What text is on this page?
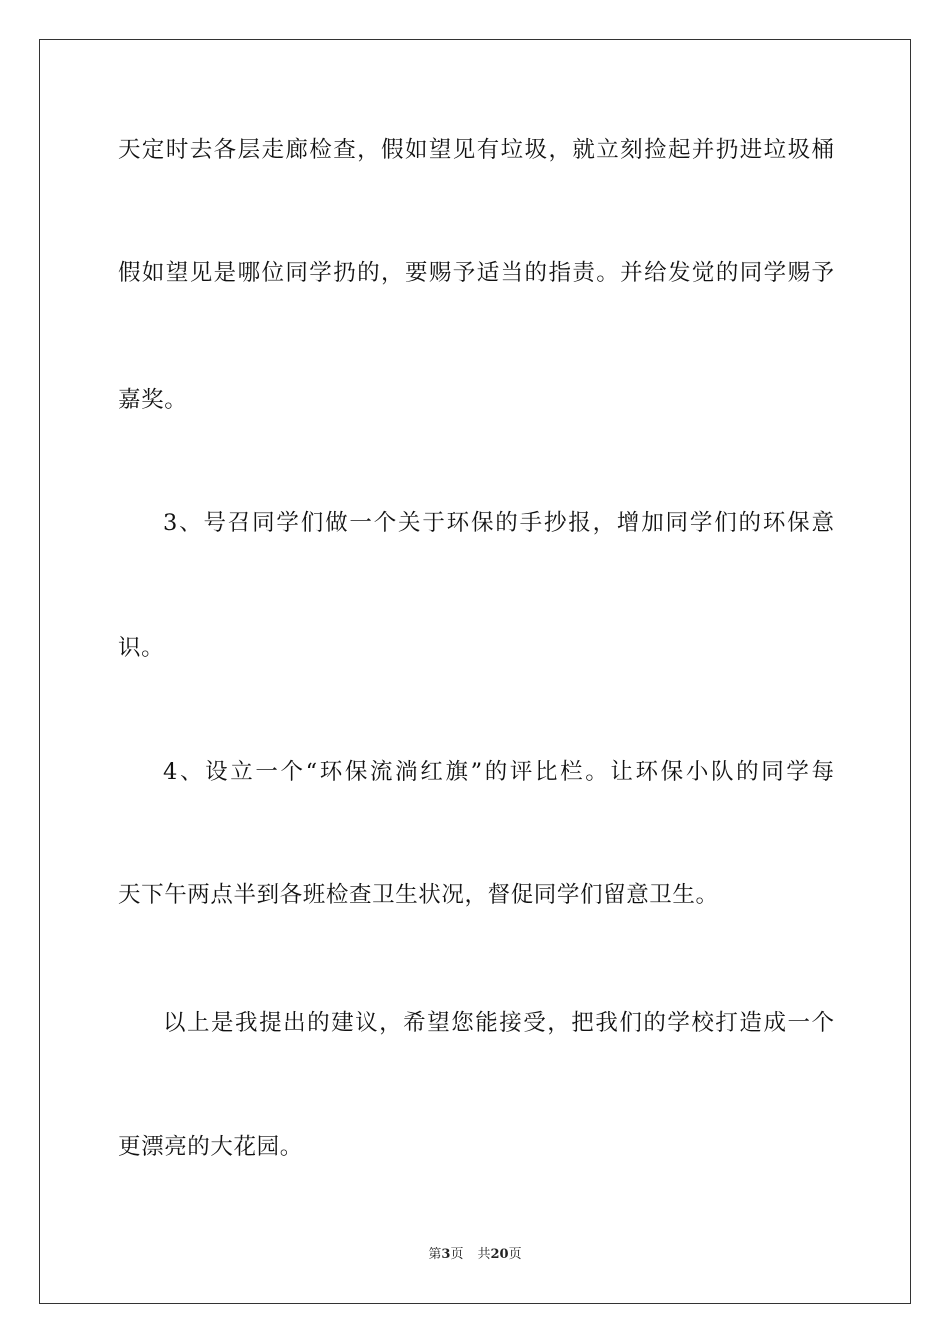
天定时去各层走廊检查，假如望见有垃圾，就立刻捡起并扔进垃圾桶
假如望见是哪位同学扔的，要赐予适当的指责。并给发觉的同学赐予
嘉奖。
3、号召同学们做一个关于环保的手抄报，增加同学们的环保意
识。
4、设立一个“环保流淌红旗”的评比栏。让环保小队的同学每
天下午两点半到各班检查卫生状况，督促同学们留意卫生。
以上是我提出的建议，希望您能接受，把我们的学校打造成一个
更漂亮的大花园。
第3页 共20页
